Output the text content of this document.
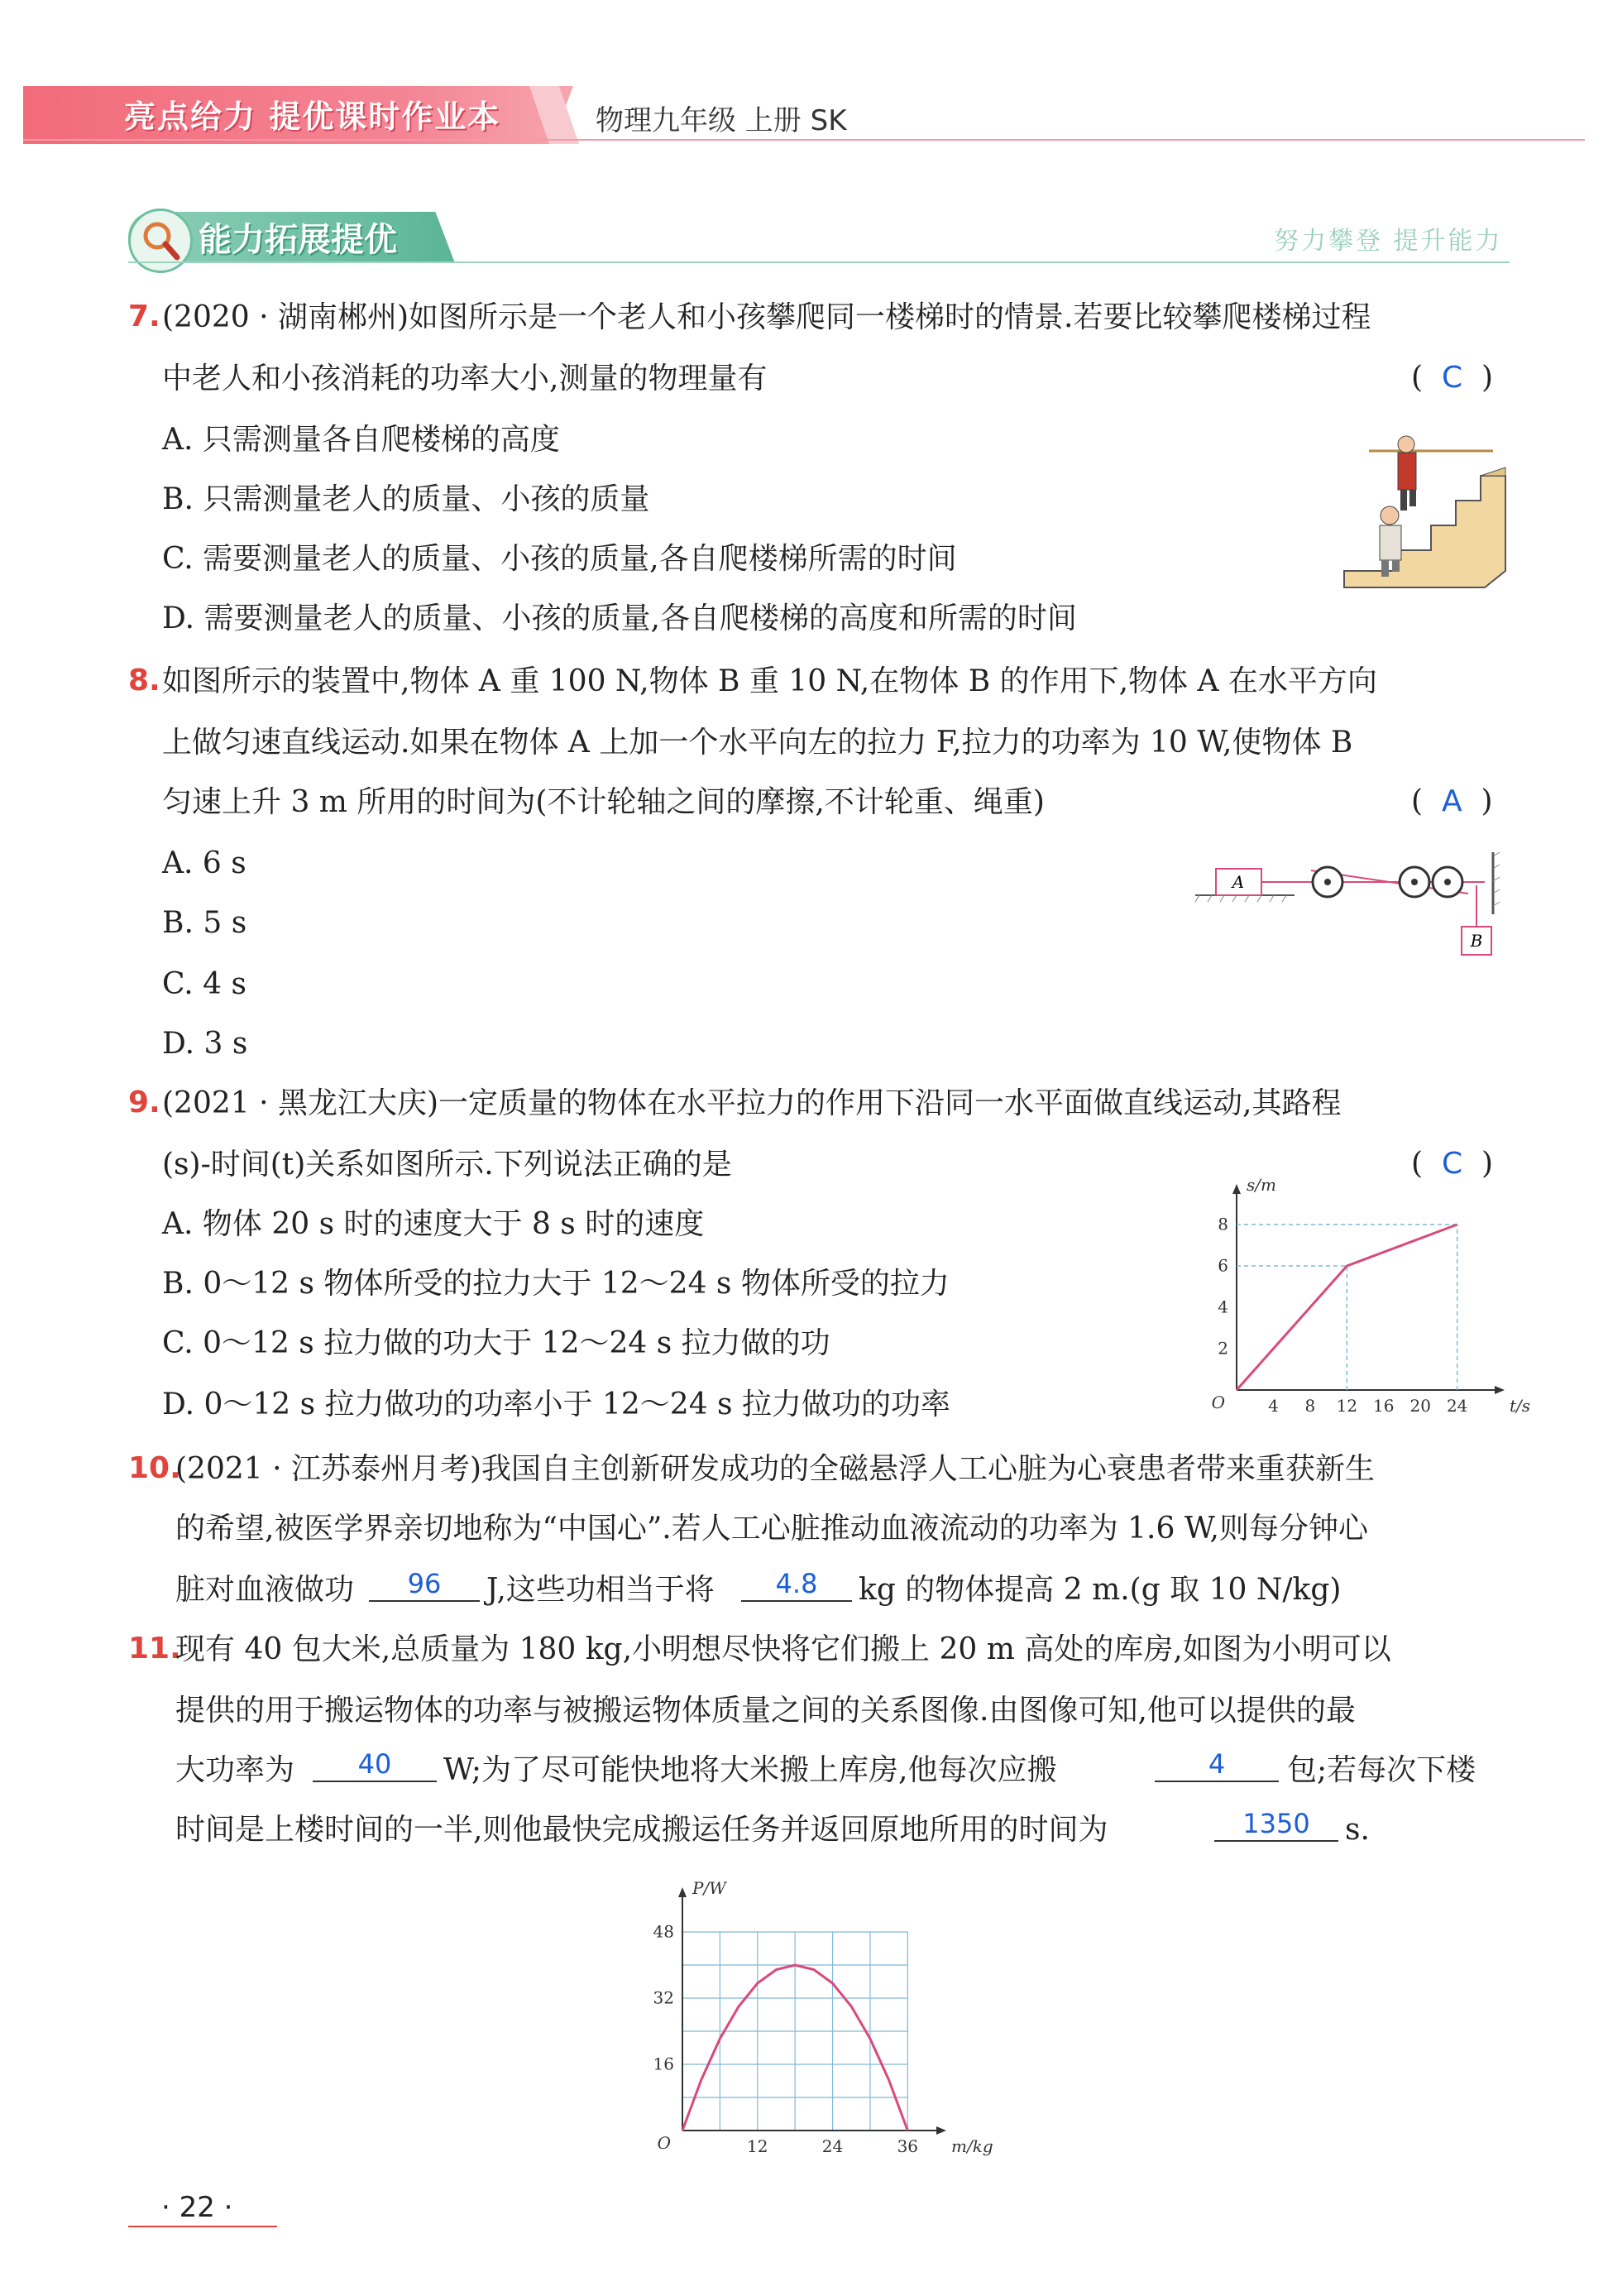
亮点给力 提优课时作业本	物理九年级 上册 SK
能力拓展提优	努力攀登 提升能力
7. (2020 · 湖南郴州)如图所示是一个老人和小孩攀爬同一楼梯时的情景.若要比较攀爬楼梯过程
中老人和小孩消耗的功率大小,测量的物理量有	(  C  )
A. 只需测量各自爬楼梯的高度
B. 只需测量老人的质量、小孩的质量
C. 需要测量老人的质量、小孩的质量,各自爬楼梯所需的时间
D. 需要测量老人的质量、小孩的质量,各自爬楼梯的高度和所需的时间
8. 如图所示的装置中,物体 A 重 100 N,物体 B 重 10 N,在物体 B 的作用下,物体 A 在水平方向
上做匀速直线运动.如果在物体 A 上加一个水平向左的拉力 F,拉力的功率为 10 W,使物体 B
匀速上升 3 m 所用的时间为(不计轮轴之间的摩擦,不计轮重、绳重)	(  A  )
A. 6 s
B. 5 s
C. 4 s
D. 3 s
A
B
9. (2021 · 黑龙江大庆)一定质量的物体在水平拉力的作用下沿同一水平面做直线运动,其路程
(s)-时间(t)关系如图所示.下列说法正确的是	(  C  )
A. 物体 20 s 时的速度大于 8 s 时的速度
B. 0～12 s 物体所受的拉力大于 12～24 s 物体所受的拉力
C. 0～12 s 拉力做的功大于 12～24 s 拉力做的功
D. 0～12 s 拉力做功的功率小于 12～24 s 拉力做功的功率	4 8 12 16 20 24
2
4
6
8
O	t/s
s/m
10.
(2021 · 江苏泰州月考)我国自主创新研发成功的全磁悬浮人工心脏为心衰患者带来重获新生
的希望,被医学界亲切地称为“中国心”.若人工心脏推动血液流动的功率为 1.6 W,则每分钟心
脏对血液做功	96	J,这些功相当于将	4.8	kg 的物体提高 2 m.(g 取 10 N/kg)
11.
现有 40 包大米,总质量为 180 kg,小明想尽快将它们搬上 20 m 高处的库房,如图为小明可以
提供的用于搬运物体的功率与被搬运物体质量之间的关系图像.由图像可知,他可以提供的最
大功率为	40	W;为了尽可能快地将大米搬上库房,他每次应搬	4	包;若每次下楼
时间是上楼时间的一半,则他最快完成搬运任务并返回原地所用的时间为	1350	s.
12	24	36
16
32
48
O	m/kg
P/W
· 22 ·
